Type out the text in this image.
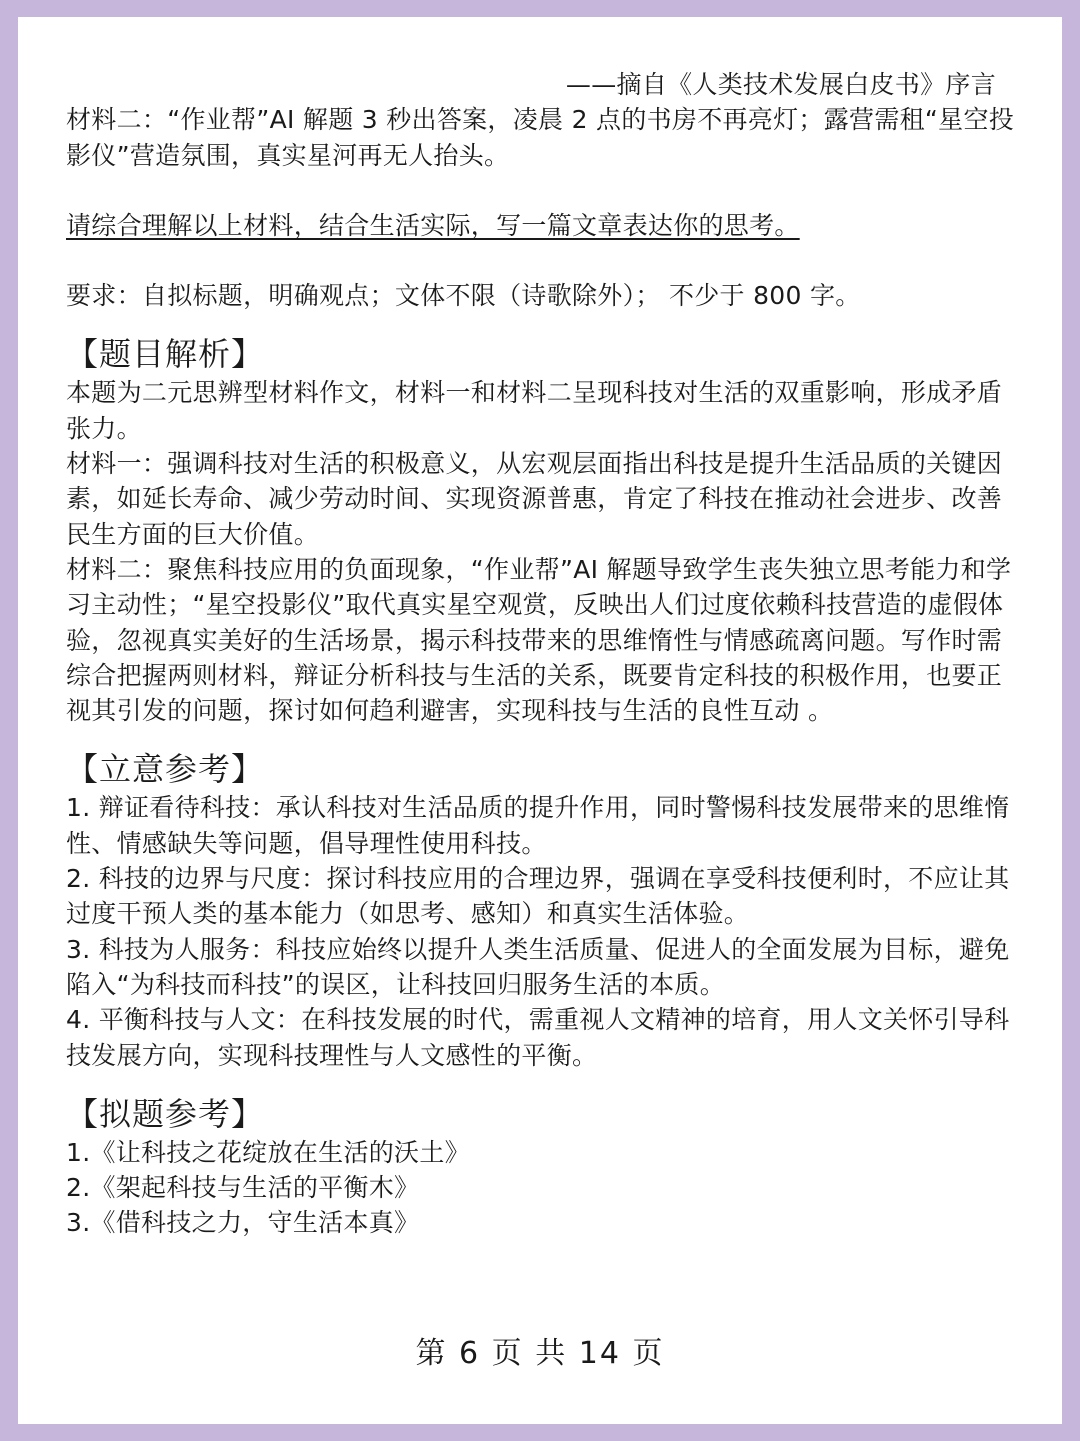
——摘自《人类技术发展白皮书》序言

材料二：“作业帮”AI 解题 3 秒出答案，凌晨 2 点的书房不再亮灯；露营需租“星空投影仪”营造氛围，真实星河再无人抬头。

请综合理解以上材料，结合生活实际，写一篇文章表达你的思考。

要求：自拟标题，明确观点；文体不限（诗歌除外）； 不少于 800 字。

【题目解析】

本题为二元思辨型材料作文，材料一和材料二呈现科技对生活的双重影响，形成矛盾张力。

材料一：强调科技对生活的积极意义，从宏观层面指出科技是提升生活品质的关键因素，如延长寿命、减少劳动时间、实现资源普惠，肯定了科技在推动社会进步、改善民生方面的巨大价值。

材料二：聚焦科技应用的负面现象，“作业帮”AI 解题导致学生丧失独立思考能力和学习主动性；“星空投影仪”取代真实星空观赏，反映出人们过度依赖科技营造的虚假体验，忽视真实美好的生活场景，揭示科技带来的思维惰性与情感疏离问题。写作时需综合把握两则材料，辩证分析科技与生活的关系，既要肯定科技的积极作用，也要正视其引发的问题，探讨如何趋利避害，实现科技与生活的良性互动 。

【立意参考】

1. 辩证看待科技：承认科技对生活品质的提升作用，同时警惕科技发展带来的思维惰性、情感缺失等问题，倡导理性使用科技。

2. 科技的边界与尺度：探讨科技应用的合理边界，强调在享受科技便利时，不应让其过度干预人类的基本能力（如思考、感知）和真实生活体验。

3. 科技为人服务：科技应始终以提升人类生活质量、促进人的全面发展为目标，避免陷入“为科技而科技”的误区，让科技回归服务生活的本质。

4. 平衡科技与人文：在科技发展的时代，需重视人文精神的培育，用人文关怀引导科技发展方向，实现科技理性与人文感性的平衡。

【拟题参考】

1.《让科技之花绽放在生活的沃土》

2.《架起科技与生活的平衡木》

3.《借科技之力，守生活本真》

第 6 页 共 14 页
